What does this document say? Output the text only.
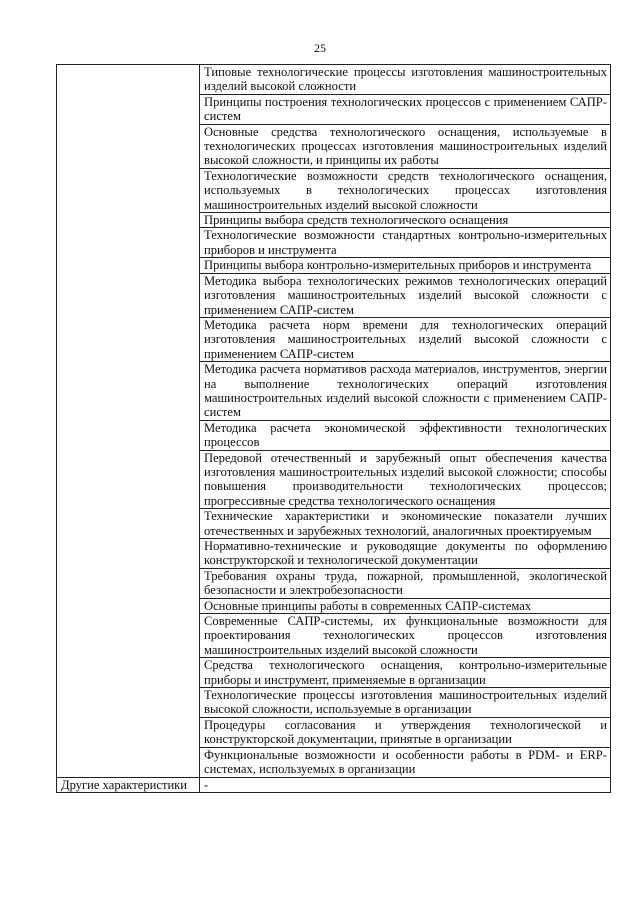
25
	Типовые технологические процессы изготовления машиностроительных изделий высокой сложности
	Принципы построения технологических процессов с применением САПР-систем
	Основные средства технологического оснащения, используемые в технологических процессах изготовления машиностроительных изделий высокой сложности, и принципы их работы
	Технологические возможности средств технологического оснащения, используемых в технологических процессах изготовления машиностроительных изделий высокой сложности
	Принципы выбора средств технологического оснащения
	Технологические возможности стандартных контрольно-измерительных приборов и инструмента
	Принципы выбора контрольно-измерительных приборов и инструмента
	Методика выбора технологических режимов технологических операций изготовления машиностроительных изделий высокой сложности с применением САПР-систем
	Методика расчета норм времени для технологических операций изготовления машиностроительных изделий высокой сложности с применением САПР-систем
	Методика расчета нормативов расхода материалов, инструментов, энергии на выполнение технологических операций изготовления машиностроительных изделий высокой сложности с применением САПР-систем
	Методика расчета экономической эффективности технологических процессов
	Передовой отечественный и зарубежный опыт обеспечения качества изготовления машиностроительных изделий высокой сложности; способы повышения производительности технологических процессов; прогрессивные средства технологического оснащения
	Технические характеристики и экономические показатели лучших отечественных и зарубежных технологий, аналогичных проектируемым
	Нормативно-технические и руководящие документы по оформлению конструкторской и технологической документации
	Требования охраны труда, пожарной, промышленной, экологической безопасности и электробезопасности
	Основные принципы работы в современных САПР-системах
	Современные САПР-системы, их функциональные возможности для проектирования технологических процессов изготовления машиностроительных изделий высокой сложности
	Средства технологического оснащения, контрольно-измерительные приборы и инструмент, применяемые в организации
	Технологические процессы изготовления машиностроительных изделий высокой сложности, используемые в организации
	Процедуры согласования и утверждения технологической и конструкторской документации, принятые в организации
	Функциональные возможности и особенности работы в PDM- и ERP-системах, используемых в организации
Другие характеристики	-
